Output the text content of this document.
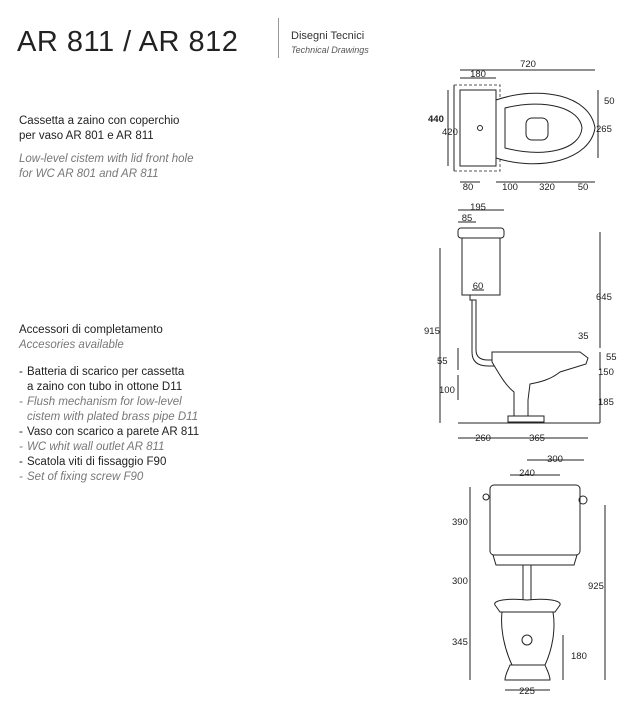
AR 811 / AR 812	Disegni Tecnici
Technical Drawings
Cassetta a zaino con coperchio
per vaso AR 801 e AR 811
Low-level cistem with lid front hole
for WC AR 801 and AR 811
Accessori di completamento
Accesories available
- Batteria di scarico per cassetta
a zaino con tubo in ottone D11
- Flush mechanism for low-level
cistem with plated brass pipe D11
- Vaso con scarico a parete AR 811
- WC whit wall outlet AR 811
- Scatola viti di fissaggio F90
- Set of fixing screw F90
720
180
440
420
50
265
80	100 320 50
195
85
645
60
915	35
55	55
150
100
185
260	365
300
240
390
300	925
345
180
225
